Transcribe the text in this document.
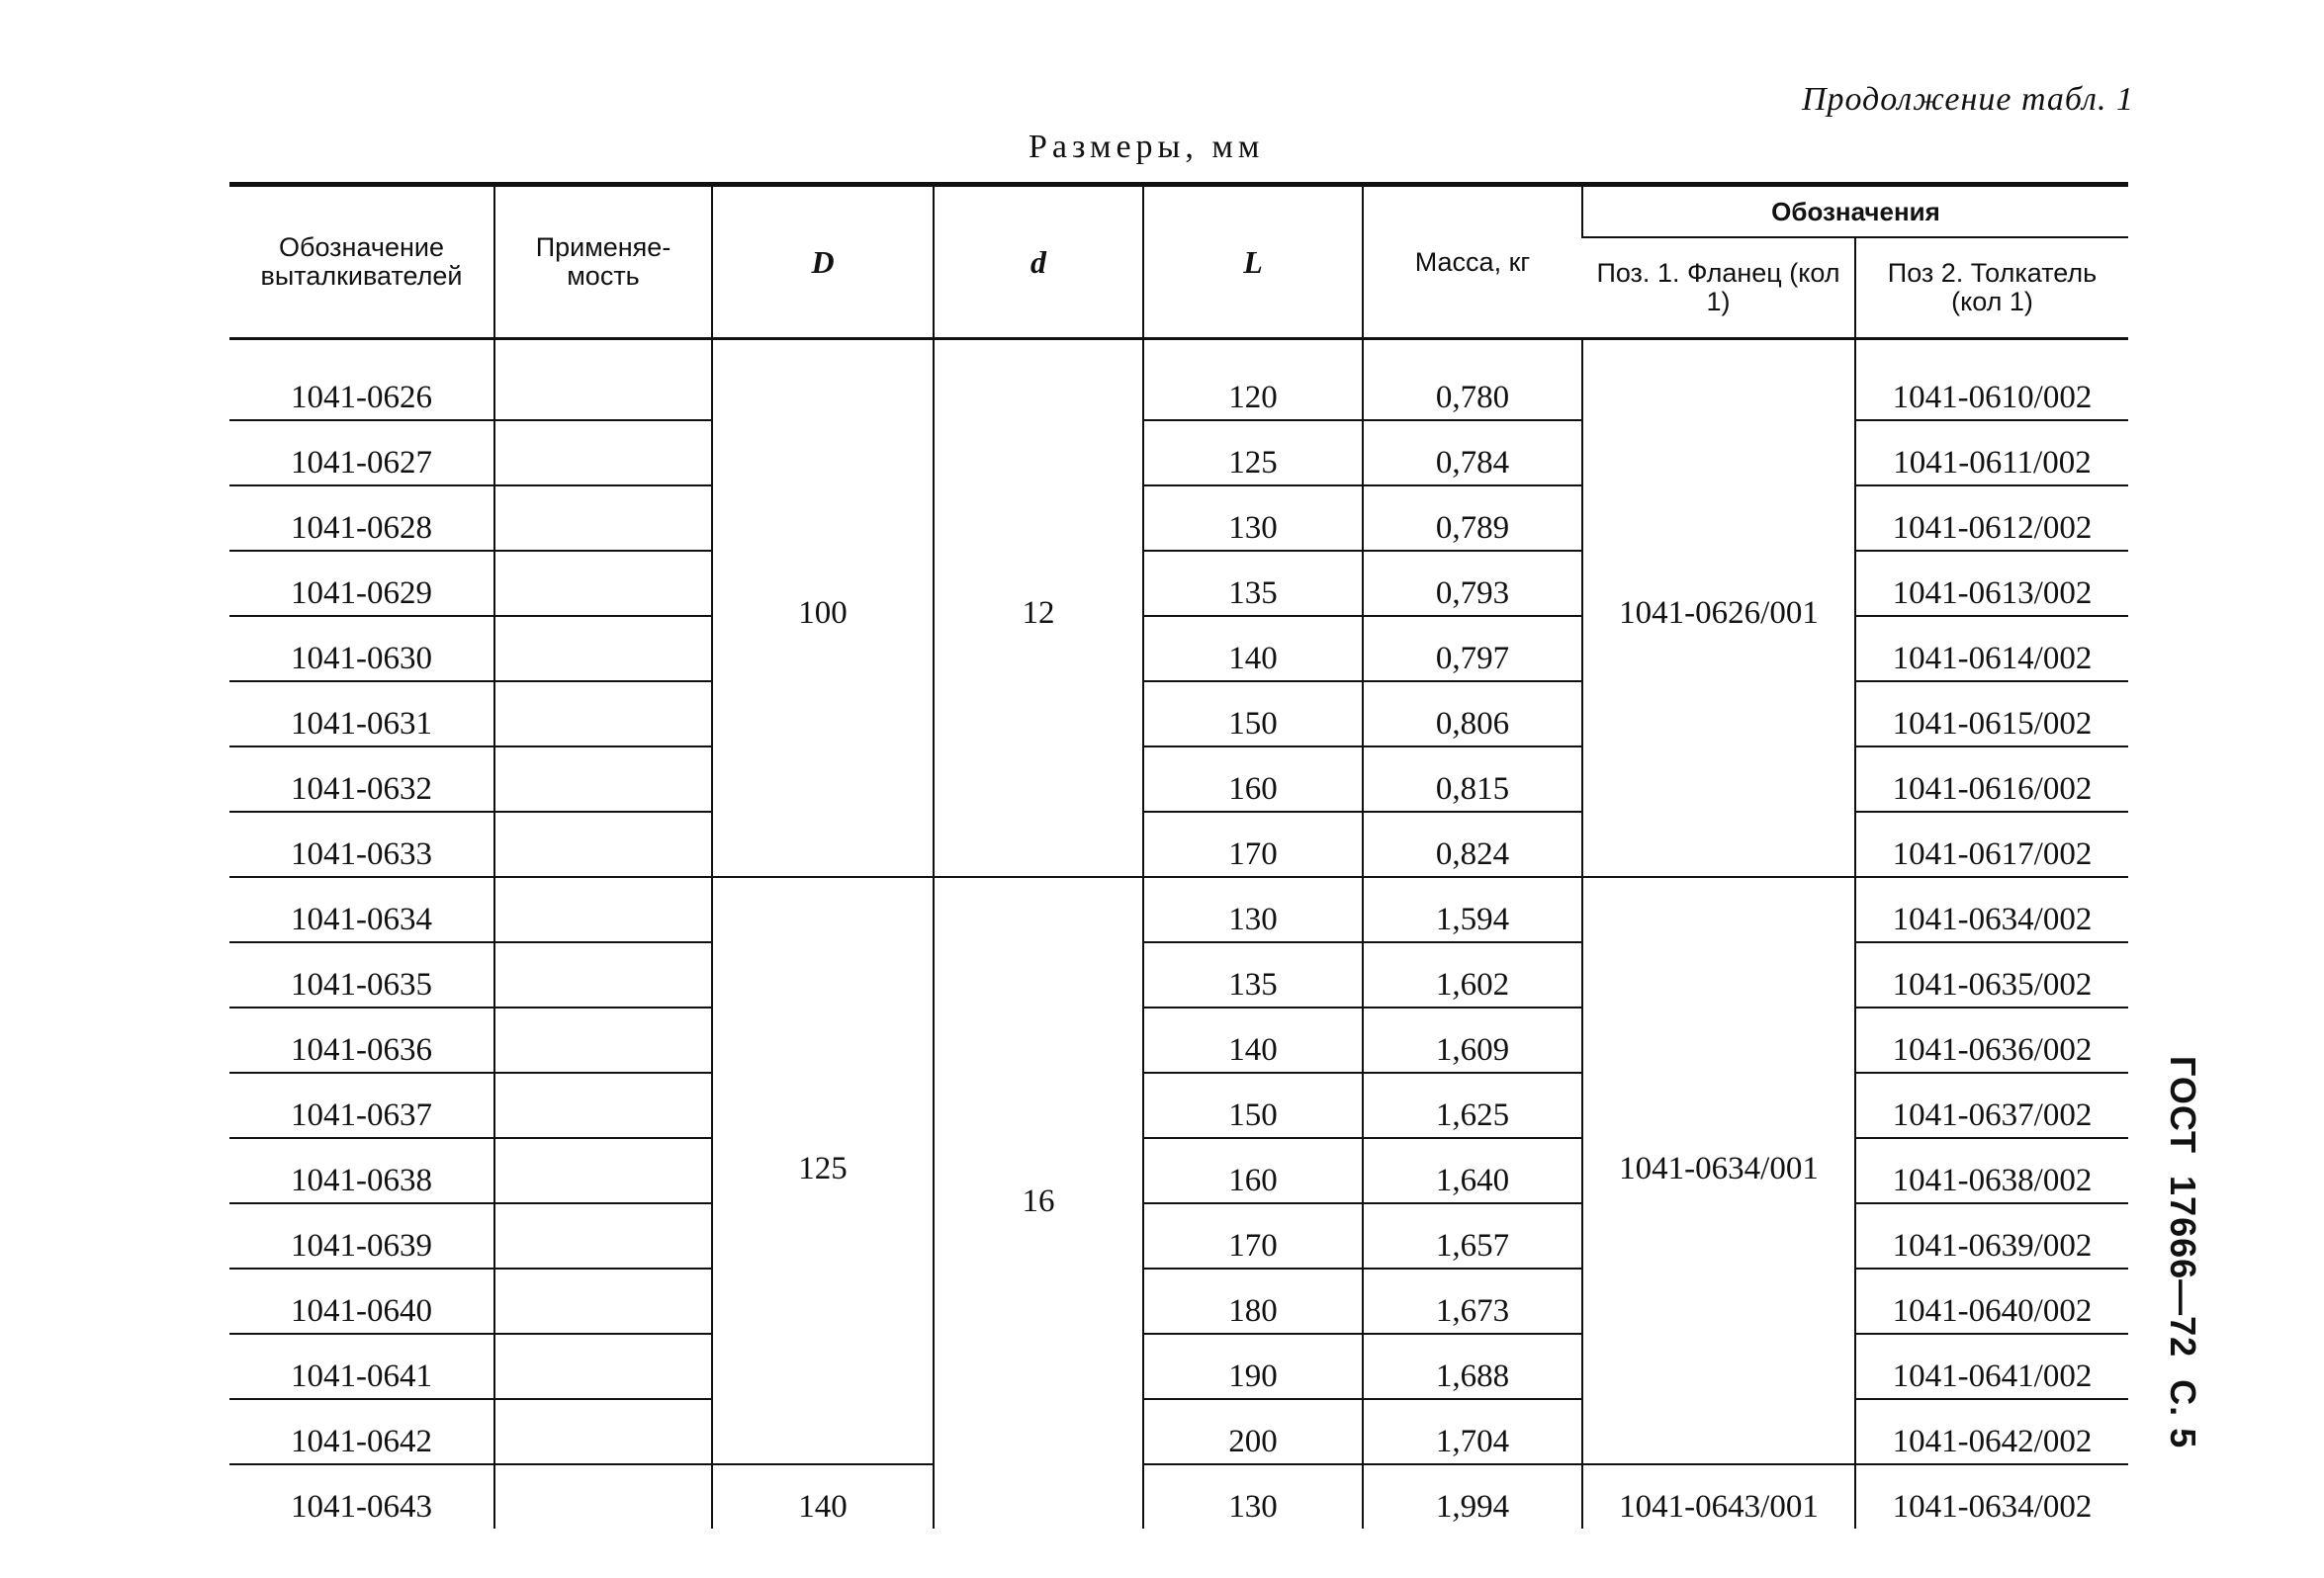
Продолжение табл. 1
Размеры, мм
ГОСТ  17666—72  С. 5
Обозначение выталкивателей	Применяе-мость	D	d	L	Масса, кг	Обозначения	
						Поз. 1. Фланец (кол 1)	Поз 2. Толкатель (кол 1)
1041-0626		100	12	120	0,780	1041-0626/001	1041-0610/002
1041-0627				125	0,784		1041-0611/002
1041-0628				130	0,789		1041-0612/002
1041-0629				135	0,793		1041-0613/002
1041-0630				140	0,797		1041-0614/002
1041-0631				150	0,806		1041-0615/002
1041-0632				160	0,815		1041-0616/002
1041-0633				170	0,824		1041-0617/002
1041-0634		125	16	130	1,594	1041-0634/001	1041-0634/002
1041-0635				135	1,602		1041-0635/002
1041-0636				140	1,609		1041-0636/002
1041-0637				150	1,625		1041-0637/002
1041-0638				160	1,640		1041-0638/002
1041-0639				170	1,657		1041-0639/002
1041-0640				180	1,673		1041-0640/002
1041-0641				190	1,688		1041-0641/002
1041-0642				200	1,704		1041-0642/002
1041-0643		140		130	1,994	1041-0643/001	1041-0634/002
